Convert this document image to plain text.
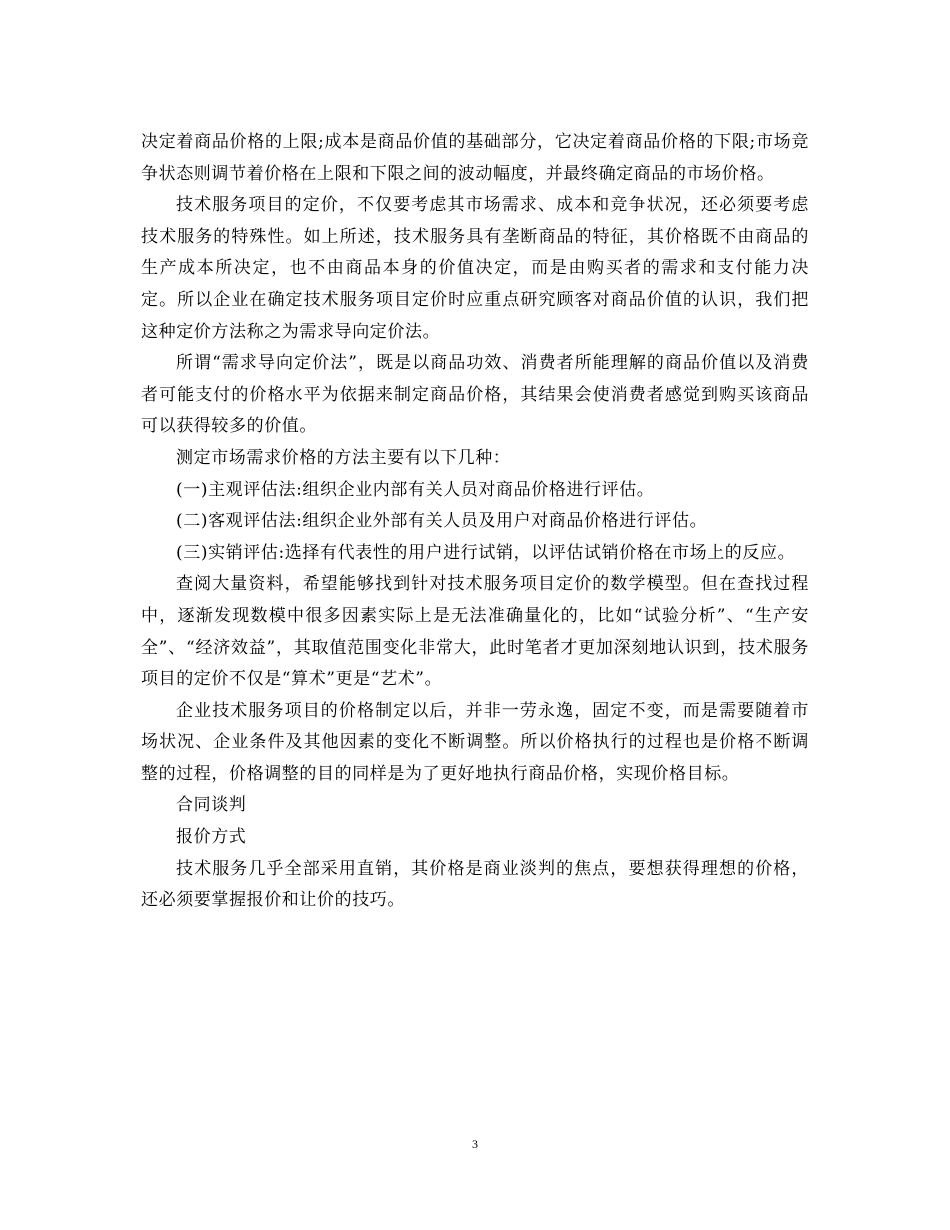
决定着商品价格的上限;成本是商品价值的基础部分，它决定着商品价格的下限;市场竞争状态则调节着价格在上限和下限之间的波动幅度，并最终确定商品的市场价格。

技术服务项目的定价，不仅要考虑其市场需求、成本和竞争状况，还必须要考虑技术服务的特殊性。如上所述，技术服务具有垄断商品的特征，其价格既不由商品的生产成本所决定，也不由商品本身的价值决定，而是由购买者的需求和支付能力决定。所以企业在确定技术服务项目定价时应重点研究顾客对商品价值的认识，我们把这种定价方法称之为需求导向定价法。

所谓“需求导向定价法”，既是以商品功效、消费者所能理解的商品价值以及消费者可能支付的价格水平为依据来制定商品价格，其结果会使消费者感觉到购买该商品可以获得较多的价值。

测定市场需求价格的方法主要有以下几种：

(一)主观评估法:组织企业内部有关人员对商品价格进行评估。

(二)客观评估法:组织企业外部有关人员及用户对商品价格进行评估。

(三)实销评估:选择有代表性的用户进行试销，以评估试销价格在市场上的反应。

查阅大量资料，希望能够找到针对技术服务项目定价的数学模型。但在查找过程中，逐渐发现数模中很多因素实际上是无法准确量化的，比如“试验分析”、“生产安全”、“经济效益”，其取值范围变化非常大，此时笔者才更加深刻地认识到，技术服务项目的定价不仅是“算术”更是“艺术”。

企业技术服务项目的价格制定以后，并非一劳永逸，固定不变，而是需要随着市场状况、企业条件及其他因素的变化不断调整。所以价格执行的过程也是价格不断调整的过程，价格调整的目的同样是为了更好地执行商品价格，实现价格目标。

合同谈判

报价方式

技术服务几乎全部采用直销，其价格是商业淡判的焦点，要想获得理想的价格，还必须要掌握报价和让价的技巧。

3
